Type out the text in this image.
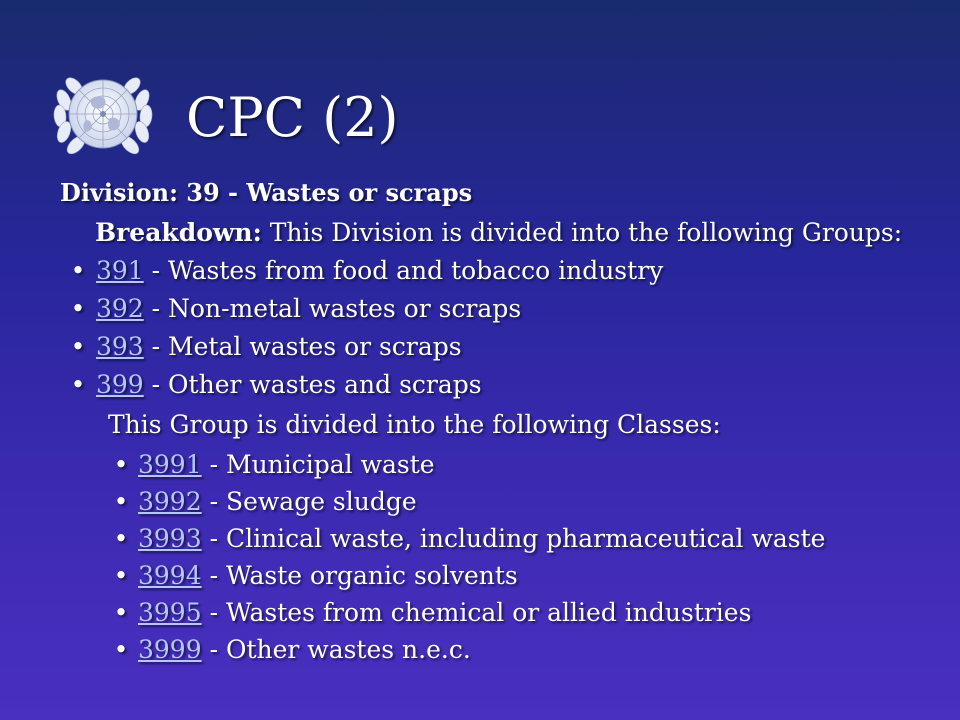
CPC (2)

Division: 39 - Wastes or scraps

Breakdown: This Division is divided into the following Groups:

• 391 - Wastes from food and tobacco industry
• 392 - Non-metal wastes or scraps
• 393 - Metal wastes or scraps
• 399 - Other wastes and scraps

This Group is divided into the following Classes:

• 3991 - Municipal waste
• 3992 - Sewage sludge
• 3993 - Clinical waste, including pharmaceutical waste
• 3994 - Waste organic solvents
• 3995 - Wastes from chemical or allied industries
• 3999 - Other wastes n.e.c.
